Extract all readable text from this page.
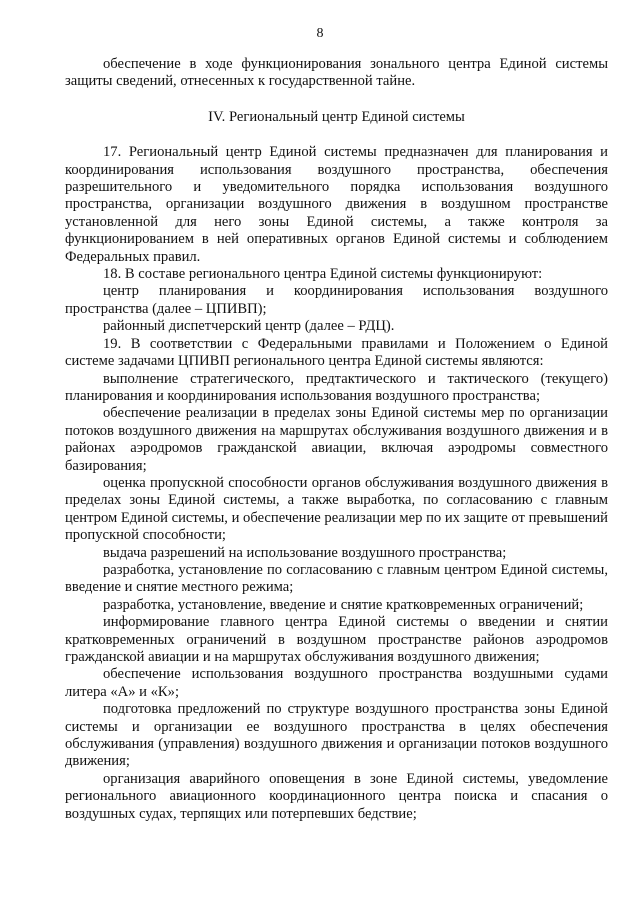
8

обеспечение в ходе функционирования зонального центра Единой системы защиты сведений, отнесенных к государственной тайне.

IV. Региональный центр Единой системы

17. Региональный центр Единой системы предназначен для планирования и координирования использования воздушного пространства, обеспечения разрешительного и уведомительного порядка использования воздушного пространства, организации воздушного движения в воздушном пространстве установленной для него зоны Единой системы, а также контроля за функционированием в ней оперативных органов Единой системы и соблюдением Федеральных правил.

18. В составе регионального центра Единой системы функционируют:

центр планирования и координирования использования воздушного пространства (далее – ЦПИВП);

районный диспетчерский центр (далее – РДЦ).

19. В соответствии с Федеральными правилами и Положением о Единой системе задачами ЦПИВП регионального центра Единой системы являются:

выполнение стратегического, предтактического и тактического (текущего) планирования и координирования использования воздушного пространства;

обеспечение реализации в пределах зоны Единой системы мер по организации потоков воздушного движения на маршрутах обслуживания воздушного движения и в районах аэродромов гражданской авиации, включая аэродромы совместного базирования;

оценка пропускной способности органов обслуживания воздушного движения в пределах зоны Единой системы, а также выработка, по согласованию с главным центром Единой системы, и обеспечение реализации мер по их защите от превышений пропускной способности;

выдача разрешений на использование воздушного пространства;

разработка, установление по согласованию с главным центром Единой системы, введение и снятие местного режима;

разработка, установление, введение и снятие кратковременных ограничений;

информирование главного центра Единой системы о введении и снятии кратковременных ограничений в воздушном пространстве районов аэродромов гражданской авиации и на маршрутах обслуживания воздушного движения;

обеспечение использования воздушного пространства воздушными судами литера «А» и «К»;

подготовка предложений по структуре воздушного пространства зоны Единой системы и организации ее воздушного пространства в целях обеспечения обслуживания (управления) воздушного движения и организации потоков воздушного движения;

организация аварийного оповещения в зоне Единой системы, уведомление регионального авиационного координационного центра поиска и спасания о воздушных судах, терпящих или потерпевших бедствие;
